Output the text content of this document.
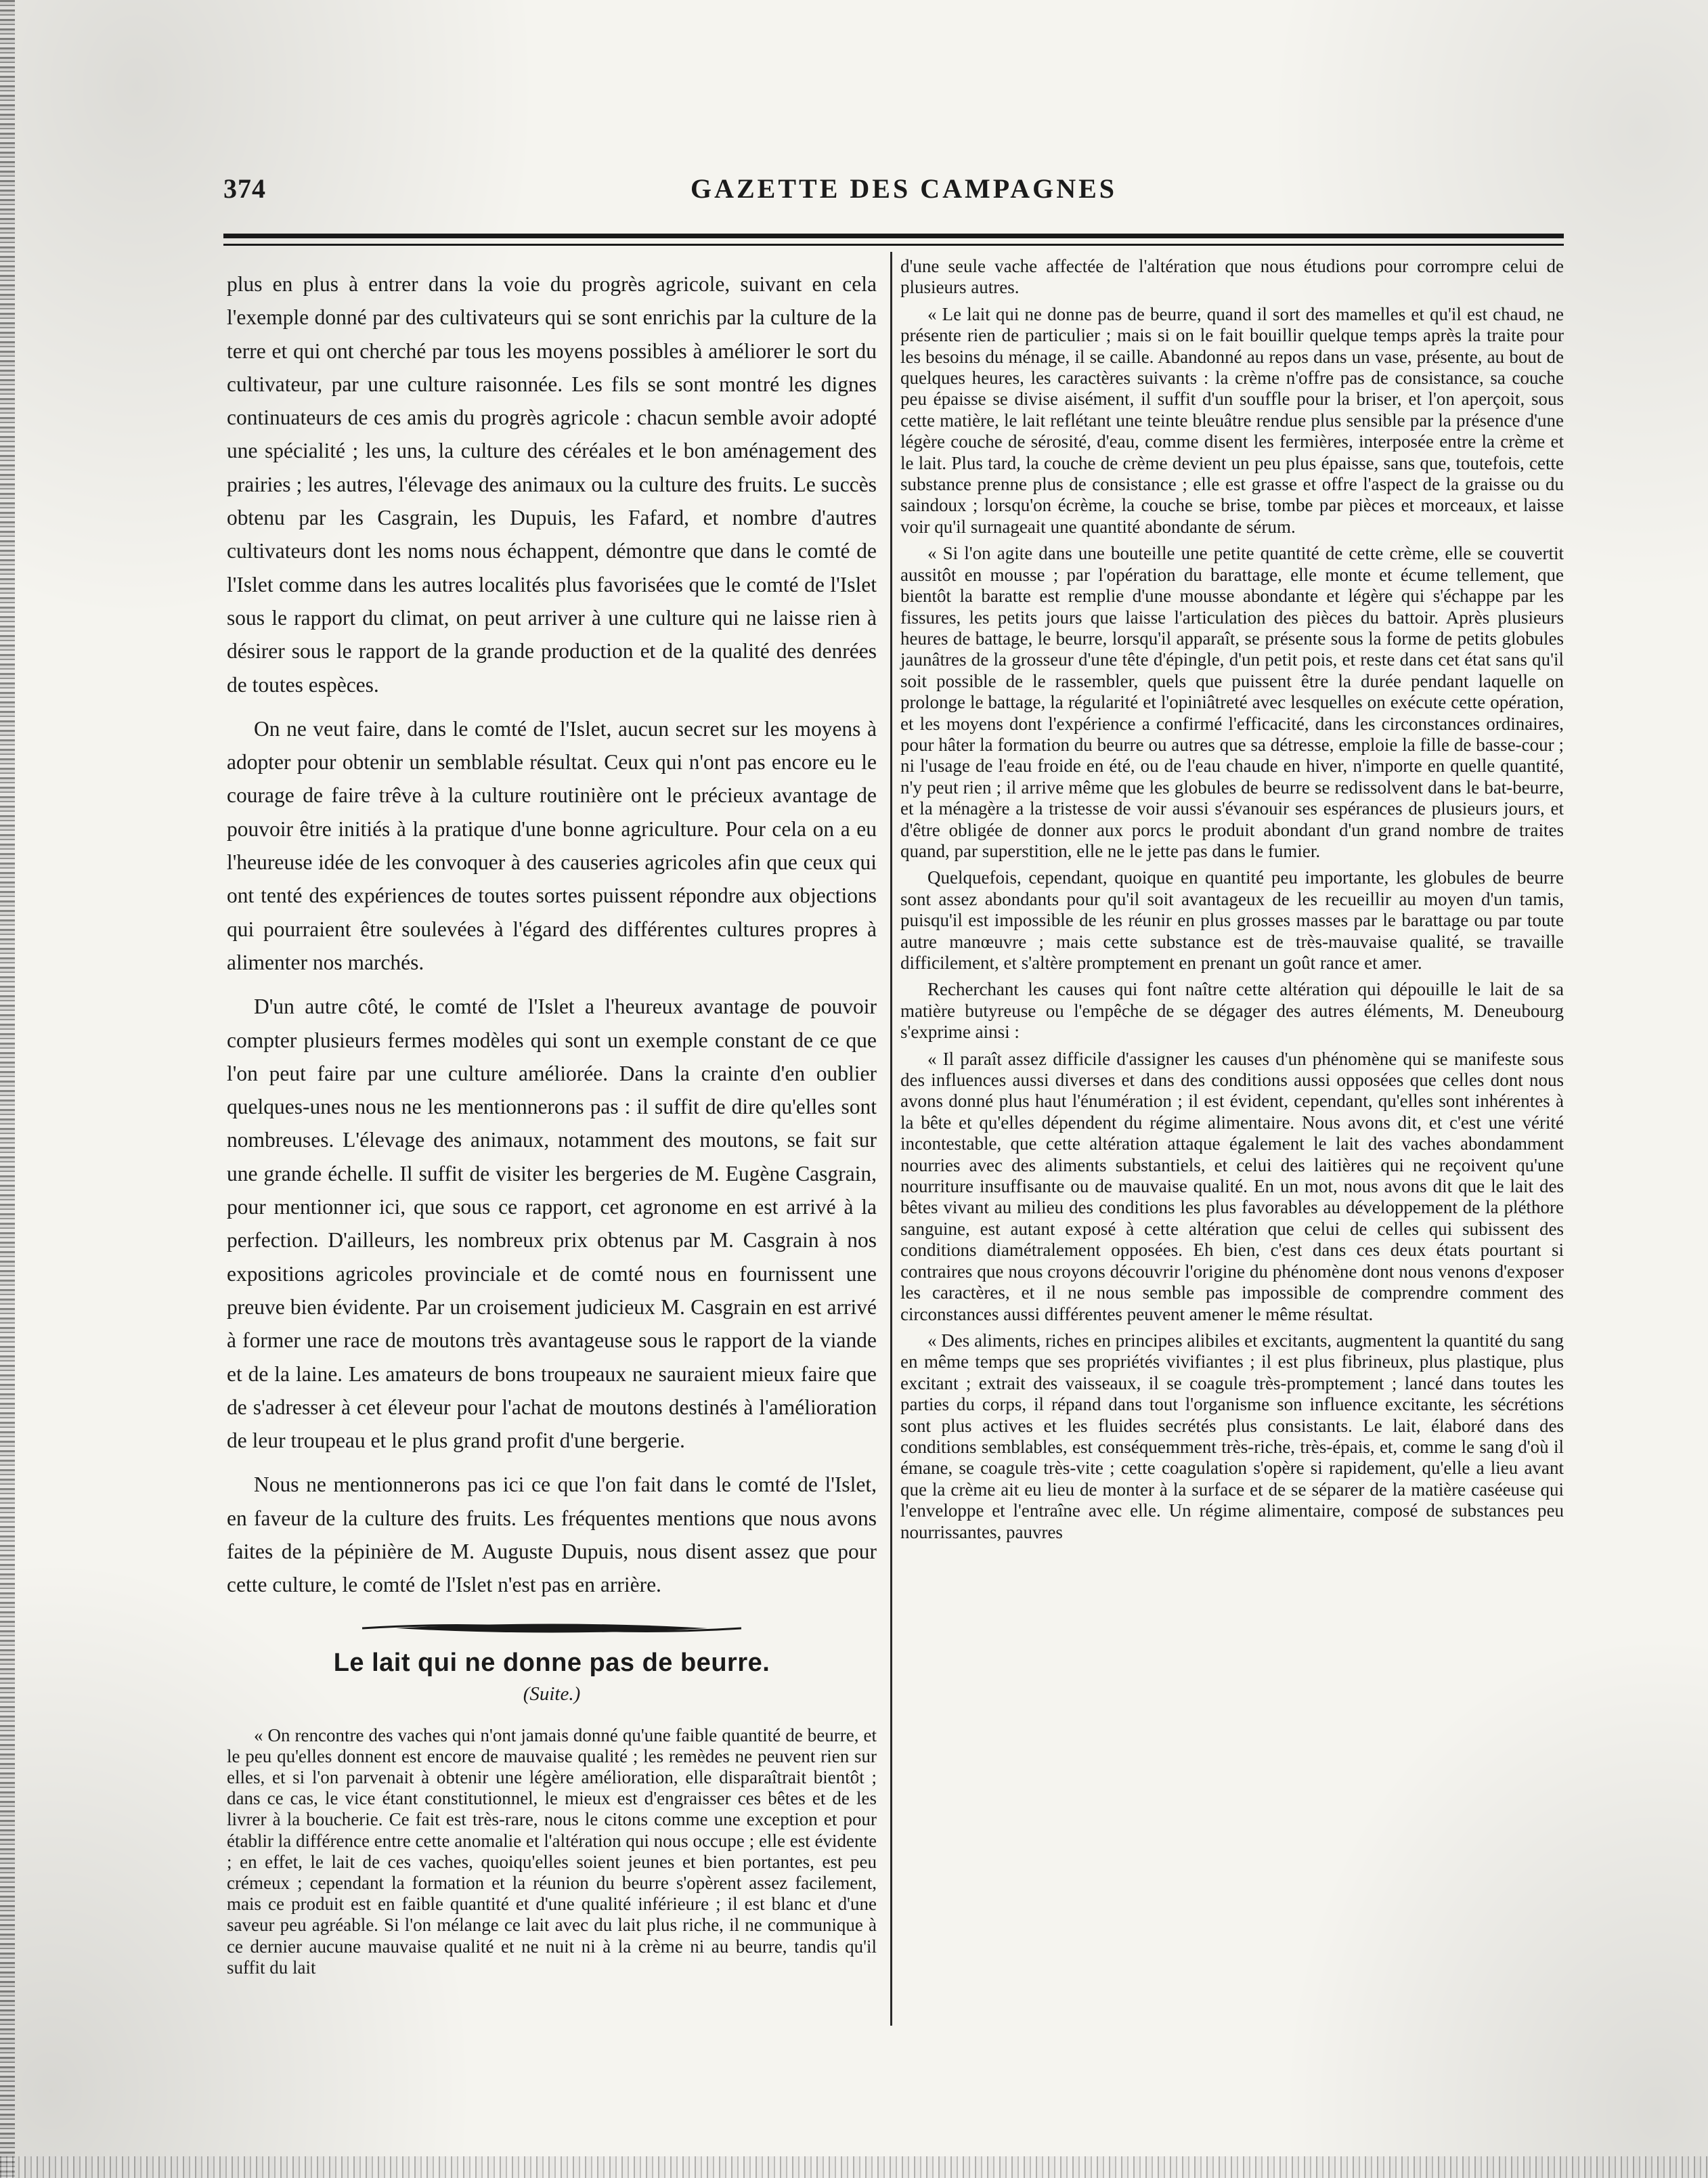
374	GAZETTE DES CAMPAGNES

plus en plus à entrer dans la voie du progrès agricole, suivant en cela l'exemple donné par des cultivateurs qui se sont enrichis par la culture de la terre et qui ont cherché par tous les moyens possibles à améliorer le sort du cultivateur, par une culture raisonnée. Les fils se sont montré les dignes continuateurs de ces amis du progrès agricole : chacun semble avoir adopté une spécialité ; les uns, la culture des céréales et le bon aménagement des prairies ; les autres, l'élevage des animaux ou la culture des fruits. Le succès obtenu par les Casgrain, les Dupuis, les Fafard, et nombre d'autres cultivateurs dont les noms nous échappent, démontre que dans le comté de l'Islet comme dans les autres localités plus favorisées que le comté de l'Islet sous le rapport du climat, on peut arriver à une culture qui ne laisse rien à désirer sous le rapport de la grande production et de la qualité des denrées de toutes espèces.

On ne veut faire, dans le comté de l'Islet, aucun secret sur les moyens à adopter pour obtenir un semblable résultat. Ceux qui n'ont pas encore eu le courage de faire trêve à la culture routinière ont le précieux avantage de pouvoir être initiés à la pratique d'une bonne agriculture. Pour cela on a eu l'heureuse idée de les convoquer à des causeries agricoles afin que ceux qui ont tenté des expériences de toutes sortes puissent répondre aux objections qui pourraient être soulevées à l'égard des différentes cultures propres à alimenter nos marchés.

D'un autre côté, le comté de l'Islet a l'heureux avantage de pouvoir compter plusieurs fermes modèles qui sont un exemple constant de ce que l'on peut faire par une culture améliorée. Dans la crainte d'en oublier quelques-unes nous ne les mentionnerons pas : il suffit de dire qu'elles sont nombreuses. L'élevage des animaux, notamment des moutons, se fait sur une grande échelle. Il suffit de visiter les bergeries de M. Eugène Casgrain, pour mentionner ici, que sous ce rapport, cet agronome en est arrivé à la perfection. D'ailleurs, les nombreux prix obtenus par M. Casgrain à nos expositions agricoles provinciale et de comté nous en fournissent une preuve bien évidente. Par un croisement judicieux M. Casgrain en est arrivé à former une race de moutons très avantageuse sous le rapport de la viande et de la laine. Les amateurs de bons troupeaux ne sauraient mieux faire que de s'adresser à cet éleveur pour l'achat de moutons destinés à l'amélioration de leur troupeau et le plus grand profit d'une bergerie.

Nous ne mentionnerons pas ici ce que l'on fait dans le comté de l'Islet, en faveur de la culture des fruits. Les fréquentes mentions que nous avons faites de la pépinière de M. Auguste Dupuis, nous disent assez que pour cette culture, le comté de l'Islet n'est pas en arrière.

Le lait qui ne donne pas de beurre.
(Suite.)

« On rencontre des vaches qui n'ont jamais donné qu'une faible quantité de beurre, et le peu qu'elles donnent est encore de mauvaise qualité ; les remèdes ne peuvent rien sur elles, et si l'on parvenait à obtenir une légère amélioration, elle disparaîtrait bientôt ; dans ce cas, le vice étant constitutionnel, le mieux est d'engraisser ces bêtes et de les livrer à la boucherie. Ce fait est très-rare, nous le citons comme une exception et pour établir la différence entre cette anomalie et l'altération qui nous occupe ; elle est évidente ; en effet, le lait de ces vaches, quoiqu'elles soient jeunes et bien portantes, est peu crémeux ; cependant la formation et la réunion du beurre s'opèrent assez facilement, mais ce produit est en faible quantité et d'une qualité inférieure ; il est blanc et d'une saveur peu agréable. Si l'on mélange ce lait avec du lait plus riche, il ne communique à ce dernier aucune mauvaise qualité et ne nuit ni à la crème ni au beurre, tandis qu'il suffit du lait

d'une seule vache affectée de l'altération que nous étudions pour corrompre celui de plusieurs autres.

« Le lait qui ne donne pas de beurre, quand il sort des mamelles et qu'il est chaud, ne présente rien de particulier ; mais si on le fait bouillir quelque temps après la traite pour les besoins du ménage, il se caille. Abandonné au repos dans un vase, présente, au bout de quelques heures, les caractères suivants : la crème n'offre pas de consistance, sa couche peu épaisse se divise aisément, il suffit d'un souffle pour la briser, et l'on aperçoit, sous cette matière, le lait reflétant une teinte bleuâtre rendue plus sensible par la présence d'une légère couche de sérosité, d'eau, comme disent les fermières, interposée entre la crème et le lait. Plus tard, la couche de crème devient un peu plus épaisse, sans que, toutefois, cette substance prenne plus de consistance ; elle est grasse et offre l'aspect de la graisse ou du saindoux ; lorsqu'on écrème, la couche se brise, tombe par pièces et morceaux, et laisse voir qu'il surnageait une quantité abondante de sérum.

« Si l'on agite dans une bouteille une petite quantité de cette crème, elle se couvertit aussitôt en mousse ; par l'opération du barattage, elle monte et écume tellement, que bientôt la baratte est remplie d'une mousse abondante et légère qui s'échappe par les fissures, les petits jours que laisse l'articulation des pièces du battoir. Après plusieurs heures de battage, le beurre, lorsqu'il apparaît, se présente sous la forme de petits globules jaunâtres de la grosseur d'une tête d'épingle, d'un petit pois, et reste dans cet état sans qu'il soit possible de le rassembler, quels que puissent être la durée pendant laquelle on prolonge le battage, la régularité et l'opiniâtreté avec lesquelles on exécute cette opération, et les moyens dont l'expérience a confirmé l'efficacité, dans les circonstances ordinaires, pour hâter la formation du beurre ou autres que sa détresse, emploie la fille de basse-cour ; ni l'usage de l'eau froide en été, ou de l'eau chaude en hiver, n'importe en quelle quantité, n'y peut rien ; il arrive même que les globules de beurre se redissolvent dans le bat-beurre, et la ménagère a la tristesse de voir aussi s'évanouir ses espérances de plusieurs jours, et d'être obligée de donner aux porcs le produit abondant d'un grand nombre de traites quand, par superstition, elle ne le jette pas dans le fumier.

Quelquefois, cependant, quoique en quantité peu importante, les globules de beurre sont assez abondants pour qu'il soit avantageux de les recueillir au moyen d'un tamis, puisqu'il est impossible de les réunir en plus grosses masses par le barattage ou par toute autre manœuvre ; mais cette substance est de très-mauvaise qualité, se travaille difficilement, et s'altère promptement en prenant un goût rance et amer.

Recherchant les causes qui font naître cette altération qui dépouille le lait de sa matière butyreuse ou l'empêche de se dégager des autres éléments, M. Deneubourg s'exprime ainsi :

« Il paraît assez difficile d'assigner les causes d'un phénomène qui se manifeste sous des influences aussi diverses et dans des conditions aussi opposées que celles dont nous avons donné plus haut l'énumération ; il est évident, cependant, qu'elles sont inhérentes à la bête et qu'elles dépendent du régime alimentaire. Nous avons dit, et c'est une vérité incontestable, que cette altération attaque également le lait des vaches abondamment nourries avec des aliments substantiels, et celui des laitières qui ne reçoivent qu'une nourriture insuffisante ou de mauvaise qualité. En un mot, nous avons dit que le lait des bêtes vivant au milieu des conditions les plus favorables au développement de la pléthore sanguine, est autant exposé à cette altération que celui de celles qui subissent des conditions diamétralement opposées. Eh bien, c'est dans ces deux états pourtant si contraires que nous croyons découvrir l'origine du phénomène dont nous venons d'exposer les caractères, et il ne nous semble pas impossible de comprendre comment des circonstances aussi différentes peuvent amener le même résultat.

« Des aliments, riches en principes alibiles et excitants, augmentent la quantité du sang en même temps que ses propriétés vivifiantes ; il est plus fibrineux, plus plastique, plus excitant ; extrait des vaisseaux, il se coagule très-promptement ; lancé dans toutes les parties du corps, il répand dans tout l'organisme son influence excitante, les sécrétions sont plus actives et les fluides secrétés plus consistants. Le lait, élaboré dans des conditions semblables, est conséquemment très-riche, très-épais, et, comme le sang d'où il émane, se coagule très-vite ; cette coagulation s'opère si rapidement, qu'elle a lieu avant que la crème ait eu lieu de monter à la surface et de se séparer de la matière caséeuse qui l'enveloppe et l'entraîne avec elle. Un régime alimentaire, composé de substances peu nourrissantes, pauvres
